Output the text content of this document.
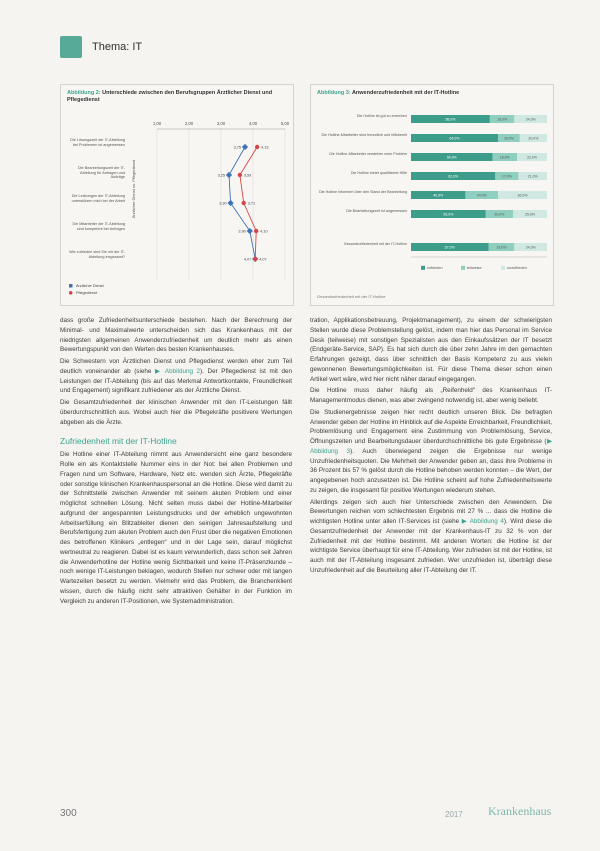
Thema: IT
Abbildung 2: Unterschiede zwischen den Berufsgruppen Ärztlicher Dienst und Pflegedienst
1,00	2,00	3,00	4,00	5,00
Die Lösungszeit der IT-Abteilung bei Problemen ist angemessen
Die Bearbeitungszeit der IT-Abteilung für Anfragen und Aufträge
Die Leistungen der IT-Abteilung unterstützen mich bei der Arbeit
Die Mitarbeiter der IT-Abteilung sind kompetent bei Anfragen
Wie zufrieden sind Sie mit der IT-Abteilung insgesamt?
Ärztlicher Dienst vs. Pflegedienst
3,75
3,25
3,30
3,90
4,07
4,13
3,59
3,71
4,10
4,07
Ärztlicher Dienst
Pflegedienst
Abbildung 3: Anwenderzufriedenheit mit der IT-Hotline
Die Hotline ist gut zu erreichen
58,0%	18,0%	24,0%
Die Hotline-Mitarbeiter sind freundlich und hilfsbereit
64,0%	16,0%	20,0%
Die Hotline-Mitarbeiter verstehen mein Problem
60,0%	18,0%	22,0%
Die Hotline bietet qualifizierte Hilfe
62,0%	17,0%	21,0%
Die Hotline informiert über den Stand der Bearbeitung
40,0%	24,0%	36,0%
Die Bearbeitungszeit ist angemessen
55,0%	20,0%	25,0%
Gesamtzufriedenheit mit der IT-Hotline
57,0%	19,0%	24,0%
zufrieden	teilweise	unzufrieden
Gesamtzufriedenheit mit der IT-Hotline

dass große Zufriedenheitsunterschiede bestehen. Nach der Berechnung der Minimal- und Maximalwerte unterscheiden sich das Krankenhaus mit der niedrigsten allgemeinen Anwenderzufriedenheit um deutlich mehr als einen Bewertungspunkt von den Werten des besten Krankenhauses.

Die Schwestern von Ärztlichen Dienst und Pflegedienst werden eher zum Teil deutlich voneinander ab (siehe ▶ Abbildung 2). Der Pflegedienst ist mit den Leistungen der IT-Abteilung (bis auf das Merkmal Antwortkontakte, Freundlichkeit und Engagement) signifikant zufriedener als der Ärztliche Dienst.

Die Gesamtzufriedenheit der klinischen Anwender mit den IT-Leistungen fällt überdurchschnittlich aus. Wobei auch hier die Pflegekräfte positivere Wertungen abgeben als die Ärzte.

Zufriedenheit mit der IT-Hotline

Die Hotline einer IT-Abteilung nimmt aus Anwendersicht eine ganz besondere Rolle ein als Kontaktstelle Nummer eins in der Not: bei allen Problemen und Fragen rund um Software, Hardware, Netz etc. wenden sich Ärzte, Pflegekräfte oder sonstige klinischen Krankenhauspersonal an die Hotline. Diese wird damit zu der Schnittstelle zwischen Anwender mit seinem akuten Problem und einer möglichst schnellen Lösung. Nicht selten muss dabei der Hotline-Mitarbeiter aufgrund der angespannten Leistungsdrucks und der erheblich ungewohnten Arbeitserfüllung ein Blitzableiter dienen den seinigen Jahresaufstellung und Berufsfertigung zum akuten Problem auch den Frust über die negativen Emotionen des betroffenen Klinikers „entlegen“ und in der Lage sein, darauf möglichst wertneutral zu reagieren. Dabei ist es kaum verwunderlich, dass schon seit Jahren die Anwenderhotline der Hotline wenig Sichtbarkeit und keine IT-Präsenzkunde – noch wenige IT-Leistungen beklagen, wodurch Stellen nur schwer oder mit langen Wartezeiten besetzt zu werden. Vielmehr wird das Problem, die Branchenklient wissen, durch die häufig nicht sehr attraktiven Gehälter in der Funktion im Vergleich zu anderen IT-Positionen, wie Systemadministration.

tration, Applikationsbetreuung, Projektmanagement), zu einem der schwierigsten Stellen wurde diese Problemstellung gelöst, indem man hier das Personal im Service Desk (teilweise) mit sonstigen Spezialisten aus den Einkaufssätzen der IT besetzt (Endgeräte-Service, SAP). Es hat sich durch die über zehn Jahre im den gemachten Erfahrungen gezeigt, dass über schnittlich der Basis Kompetenz zu aus vielen gewonnenen Bewertungsmöglichkeiten ist. Für diese Thema dieser schon einen Artikel wert wäre, wird hier nicht näher darauf eingegangen.

Die Hotline muss daher häufig als „Reifenheld“ des Krankenhaus IT-Managementmodus dienen, was aber zwingend notwendig ist, aber wenig beliebt.

Die Studienergebnisse zeigen hier recht deutlich unseren Blick. Die befragten Anwender geben der Hotline im Hinblick auf die Aspekte Erreichbarkeit, Freundlichkeit, Problemlösung und Engagement eine Zustimmung von Problemlösung, Service, Öffnungszeiten und Bearbeitungsdauer überdurchschnittliche bis gute Ergebnisse (▶ Abbildung 3). Auch überwiegend zeigen die Ergebnisse nur wenige Unzufriedenheitsquoten. Die Mehrheit der Anwender geben an, dass ihre Probleme in 36 Prozent bis 57 % gelöst durch die Hotline behoben werden konnten – die Wert, der angegebenen hoch anzusetzen ist. Die Hotline scheint auf hohe Zufriedenheitswerte zu zeigen, die insgesamt für positive Wertungen wiederum stehen.

Allerdings zeigen sich auch hier Unterschiede zwischen den Anwendern. Die Bewertungen reichen vom schlechtesten Ergebnis mit 27 % ... dass die Hotline die wichtigsten Hotline unter allen IT-Services ist (siehe ▶ Abbildung 4). Wird diese die Gesamtzufriedenheit der Anwender mit der Krankenhaus-IT zu 32 % von der Zufriedenheit mit der Hotline bestimmt. Mit anderen Worten: die Hotline ist der wichtigste Service überhaupt für eine IT-Abteilung. Wer zufrieden ist mit der Hotline, ist auch mit der IT-Abteilung insgesamt zufrieden. Wer unzufrieden ist, überträgt diese Unzufriedenheit auf die Beurteilung aller IT-Abteilung der IT.

300	2017 Krankenhaus
